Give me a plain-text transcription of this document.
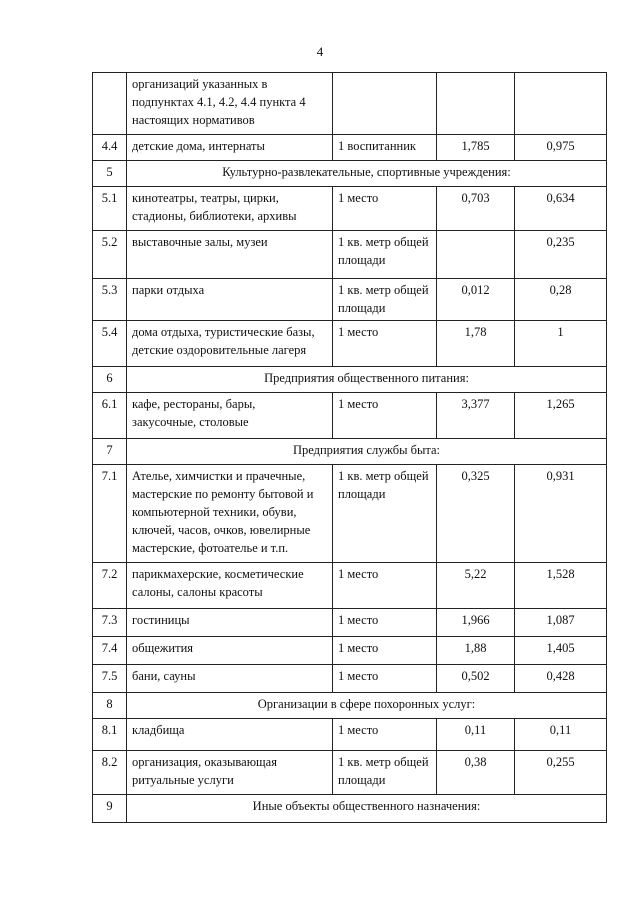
4
	организаций указанных в
подпунктах 4.1, 4.2, 4.4 пункта 4
настоящих нормативов			
4.4	детские дома, интернаты	1 воспитанник	1,785	0,975
5	Культурно-развлекательные, спортивные учреждения:			
5.1	кинотеатры, театры, цирки,
стадионы, библиотеки, архивы	1 место	0,703	0,634
5.2	выставочные залы, музеи	1 кв. метр общей
площади		0,235
5.3	парки отдыха	1 кв. метр общей
площади	0,012	0,28
5.4	дома отдыха, туристические базы,
детские оздоровительные лагеря	1 место	1,78	1
6	Предприятия общественного питания:			
6.1	кафе, рестораны, бары,
закусочные, столовые	1 место	3,377	1,265
7	Предприятия службы быта:			
7.1	Ателье, химчистки и прачечные,
мастерские по ремонту бытовой и
компьютерной техники, обуви,
ключей, часов, очков, ювелирные
мастерские, фотоателье и т.п.	1 кв. метр общей
площади	0,325	0,931
7.2	парикмахерские, косметические
салоны, салоны красоты	1 место	5,22	1,528
7.3	гостиницы	1 место	1,966	1,087
7.4	общежития	1 место	1,88	1,405
7.5	бани, сауны	1 место	0,502	0,428
8	Организации в сфере похоронных услуг:			
8.1	кладбища	1 место	0,11	0,11
8.2	организация, оказывающая
ритуальные услуги	1 кв. метр общей
площади	0,38	0,255
9	Иные объекты общественного назначения:			
